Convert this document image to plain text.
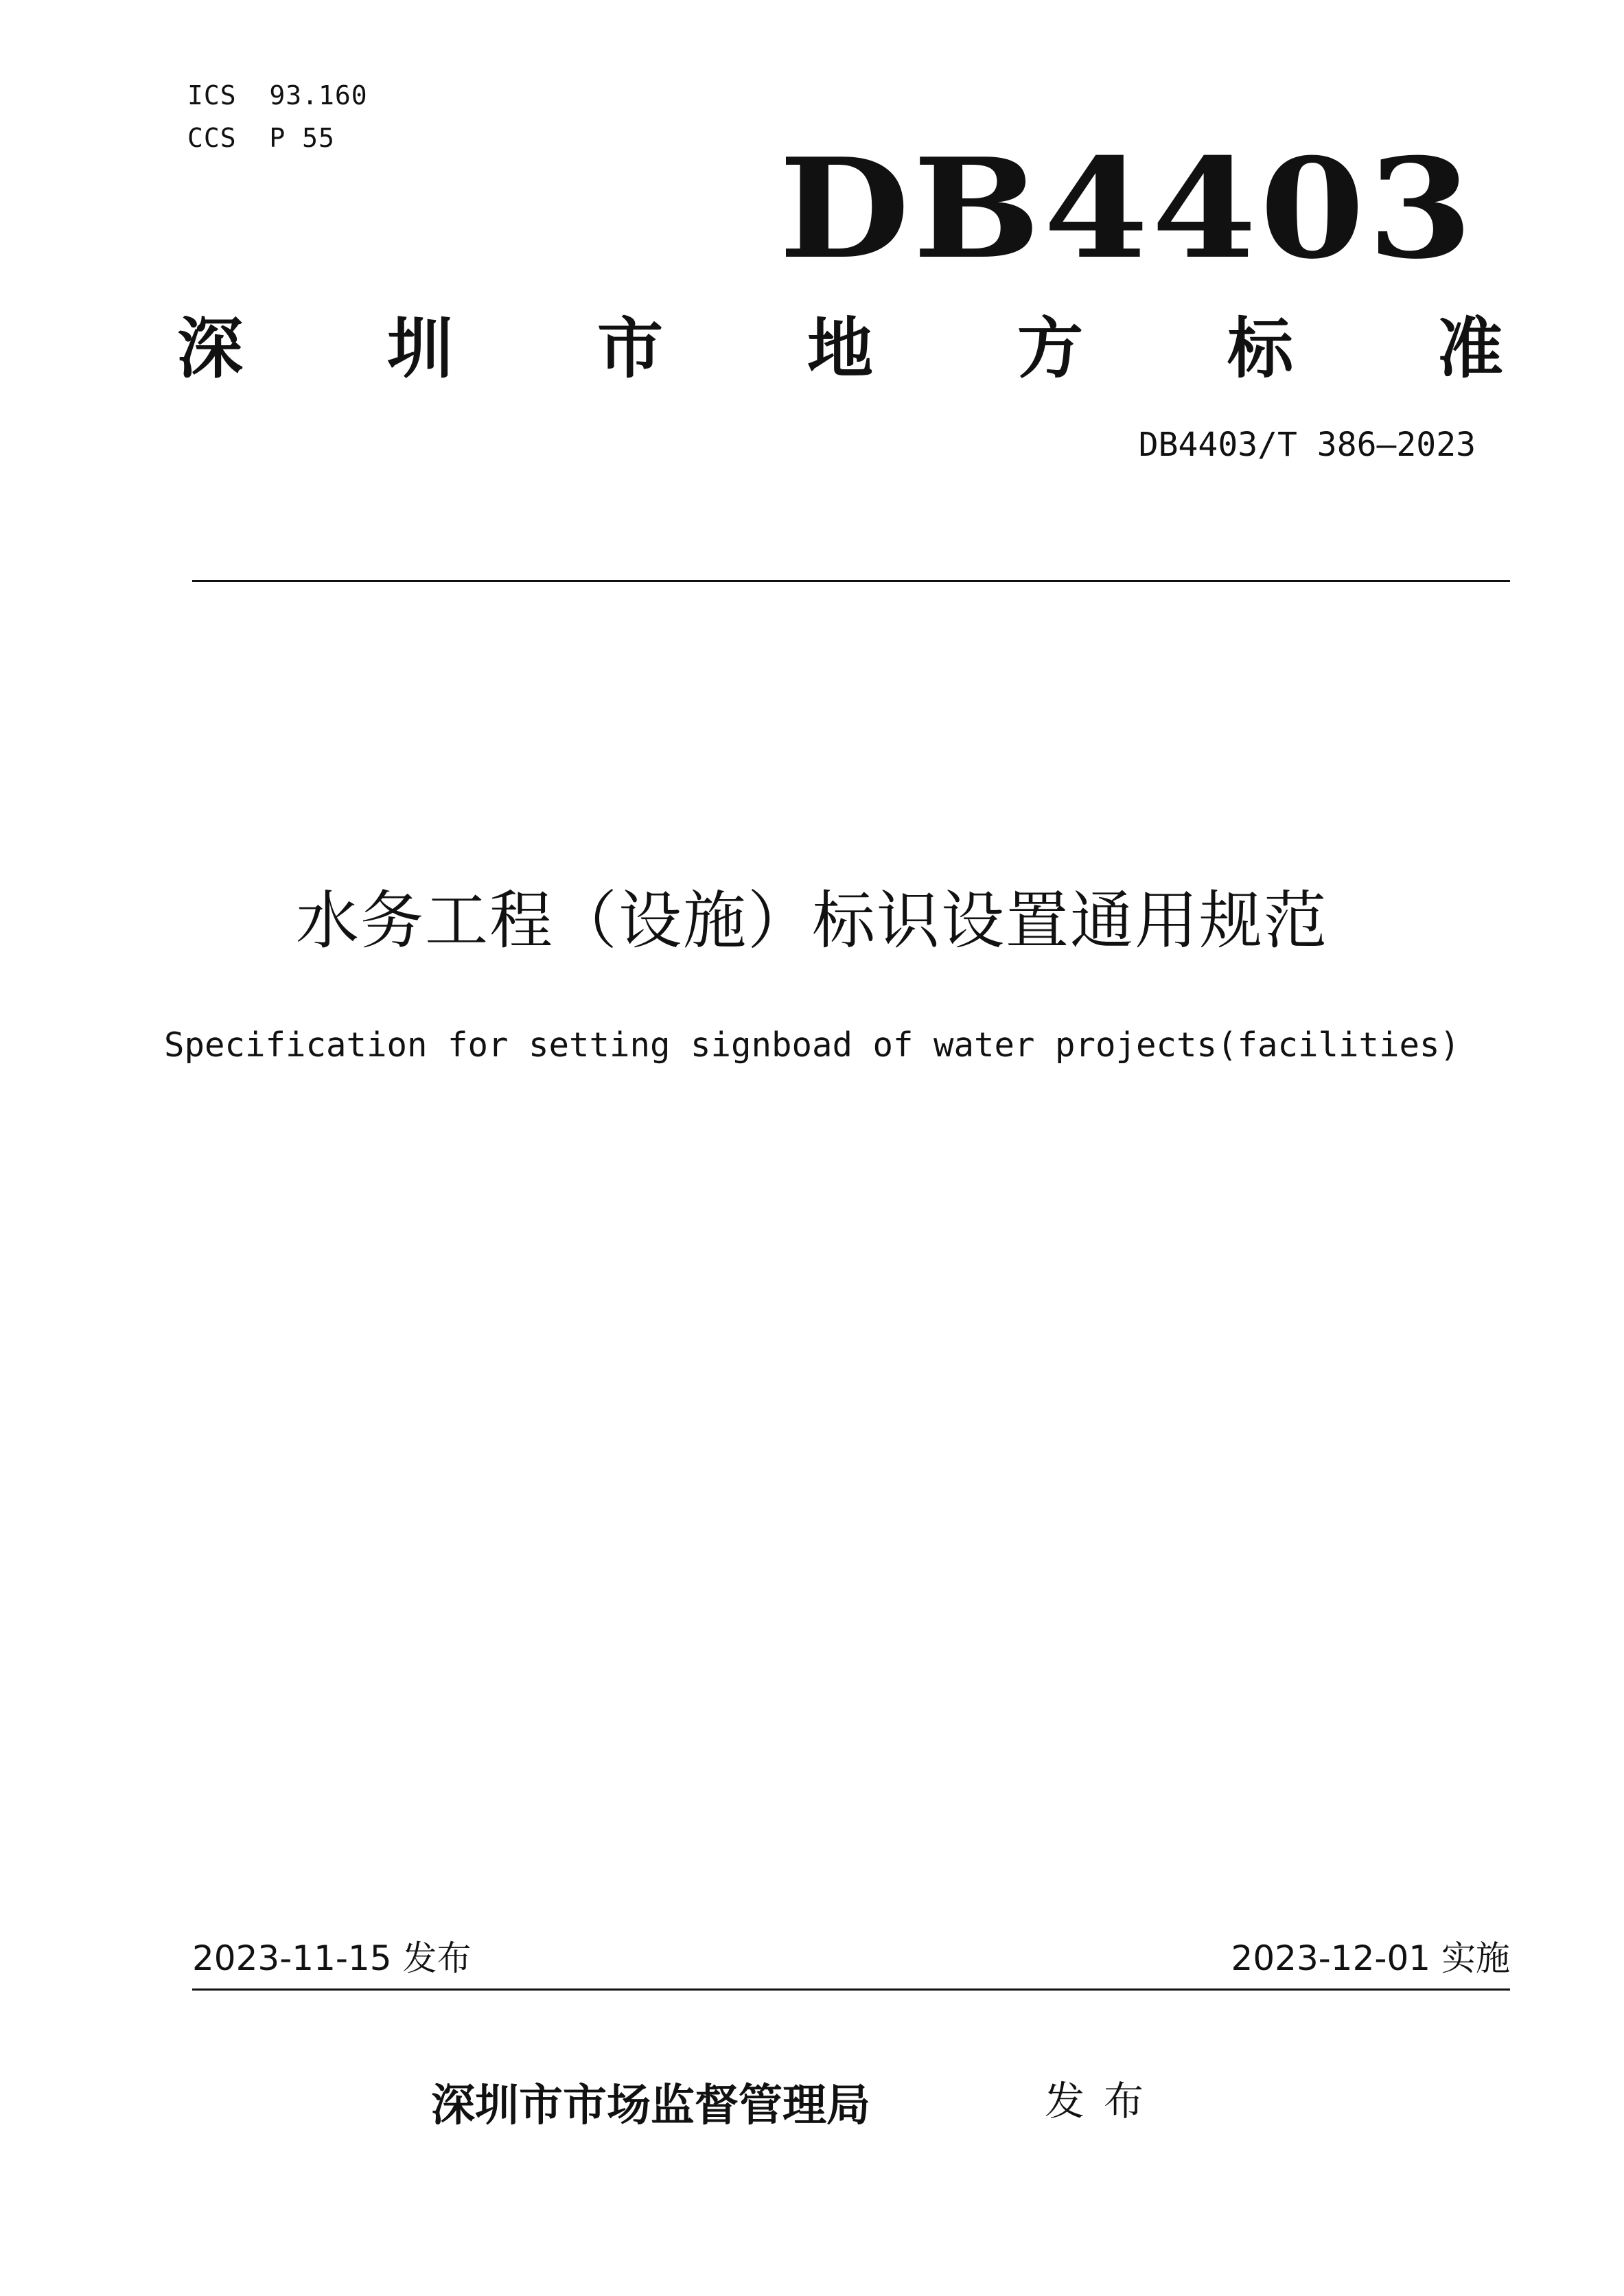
ICS  93.160
CCS  P 55	DB4403
深 圳 市 地 方 标 准
DB4403/T 386—2023
水务工程（设施）标识设置通用规范
Specification for setting signboad of water projects(facilities)
2023-11-15 发布	2023-12-01 实施
深圳市市场监督管理局	发布
